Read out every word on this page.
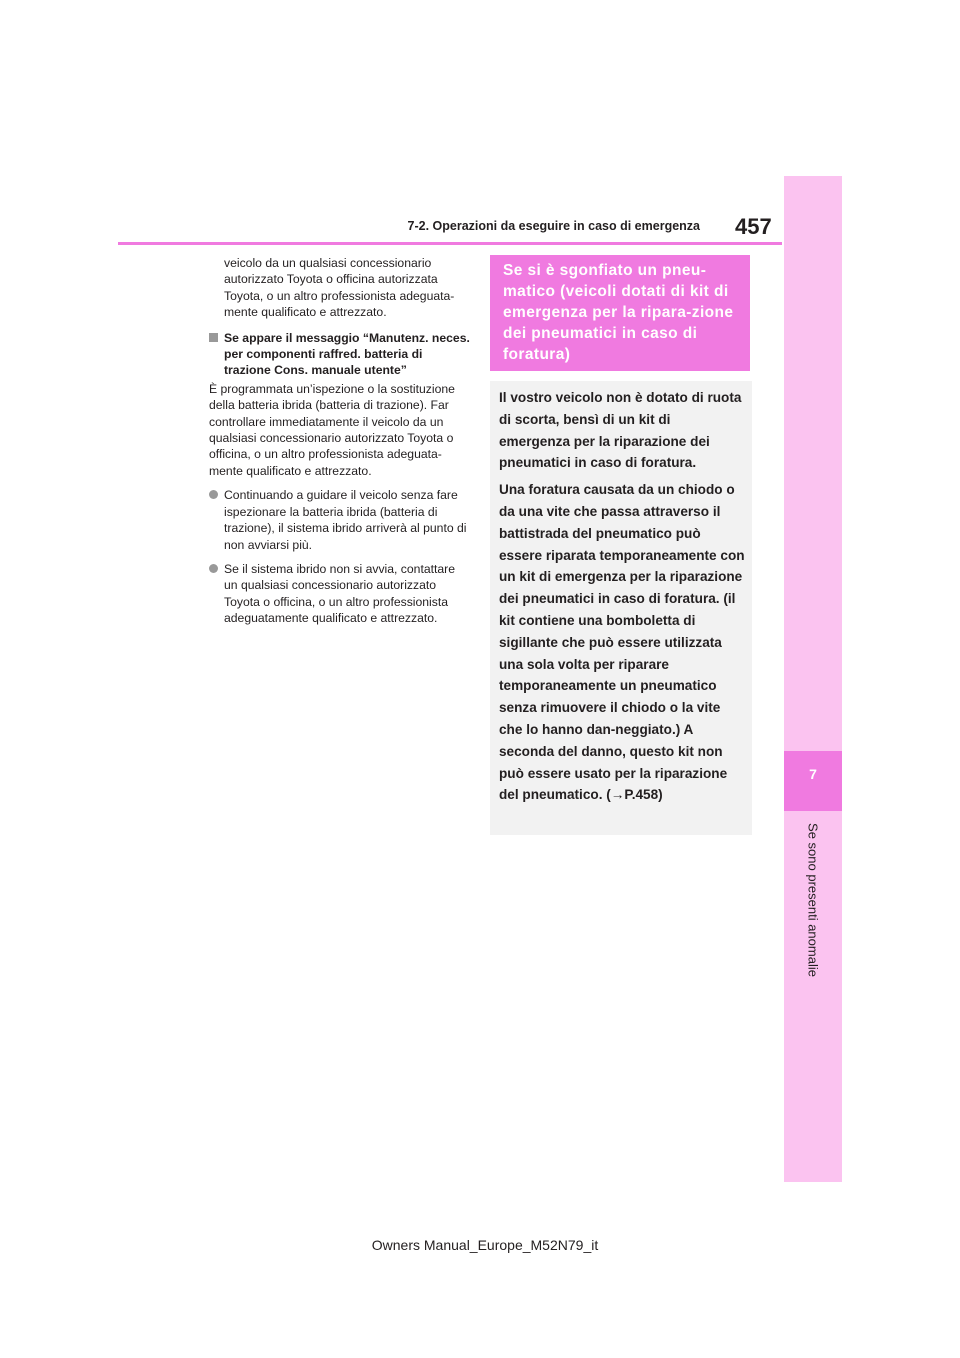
7
Se sono presenti anomalie
7-2. Operazioni da eseguire in caso di emergenza 457

veicolo da un qualsiasi concessionario autorizzato Toyota o officina autorizzata Toyota, o un altro professionista adeguata-mente qualificato e attrezzato.

Se appare il messaggio “Manutenz. neces. per componenti raffred. batteria di trazione Cons. manuale utente”

È programmata un’ispezione o la sostituzione della batteria ibrida (batteria di trazione). Far controllare immediatamente il veicolo da un qualsiasi concessionario autorizzato Toyota o officina, o un altro professionista adeguata-mente qualificato e attrezzato.

Continuando a guidare il veicolo senza fare ispezionare la batteria ibrida (batteria di trazione), il sistema ibrido arriverà al punto di non avviarsi più.
Se il sistema ibrido non si avvia, contattare un qualsiasi concessionario autorizzato Toyota o officina, o un altro professionista adeguatamente qualificato e attrezzato.
Se si è sgonfiato un pneu-matico (veicoli dotati di kit di emergenza per la ripara-zione dei pneumatici in caso di foratura)

Il vostro veicolo non è dotato di ruota di scorta, bensì di un kit di emergenza per la riparazione dei pneumatici in caso di foratura.

Una foratura causata da un chiodo o da una vite che passa attraverso il battistrada del pneumatico può essere riparata temporaneamente con un kit di emergenza per la riparazione dei pneumatici in caso di foratura. (il kit contiene una bomboletta di sigillante che può essere utilizzata una sola volta per riparare temporaneamente un pneumatico senza rimuovere il chiodo o la vite che lo hanno dan-neggiato.) A seconda del danno, questo kit non può essere usato per la riparazione del pneumatico. (→P.458)

Owners Manual_Europe_M52N79_it
